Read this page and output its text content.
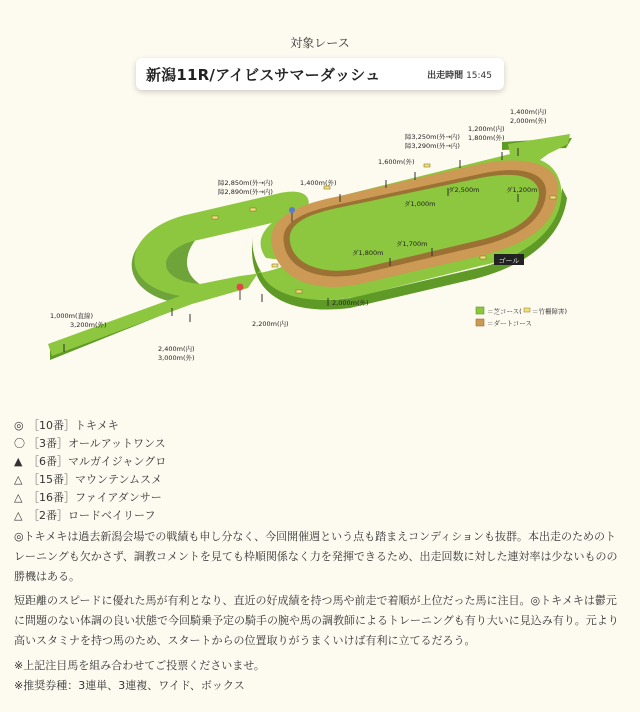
対象レース
新潟11R/アイビスサマーダッシュ	出走時間 15:45
ゴール
1,400m(内)
2,000m(外)
1,200m(内)
1,800m(外)
障3,250m(外→内)
障3,290m(外→内)
1,600m(外)
1,400m(外)
障2,850m(外→内)
障2,890m(外→内)	ダ2,500m	ダ1,200m
ダ1,000m
ダ1,700m
ダ1,800m
2,000m(外)
2,200m(内)
1,000m(直線)
3,200m(外)
2,400m(内)
3,000m(外)
＝芝コース( ＝竹柵障害)
＝ダートコース
◎ ［10番］トキメキ
〇 ［3番］オールアットワンス
▲ ［6番］マルガイジャングロ
△ ［15番］マウンテンムスメ
△ ［16番］ファイアダンサー
△ ［2番］ロードベイリーフ

◎トキメキは過去新潟会場での戦績も申し分なく、今回開催週という点も踏まえコンディションも抜群。本出走のためのトレーニングも欠かさず、調教コメントを見ても枠順関係なく力を発揮できるため、出走回数に対した連対率は少ないものの勝機はある。

短距離のスピードに優れた馬が有利となり、直近の好成績を持つ馬や前走で着順が上位だった馬に注目。◎トキメキは鬱元に問題のない体調の良い状態で今回騎乗予定の騎手の腕や馬の調教師によるトレーニングも有り大いに見込み有り。元より高いスタミナを持つ馬のため、スタートからの位置取りがうまくいけば有利に立てるだろう。

※上記注目馬を組み合わせてご投票くださいませ。
※推奨券種：3連単、3連複、ワイド、ボックス
